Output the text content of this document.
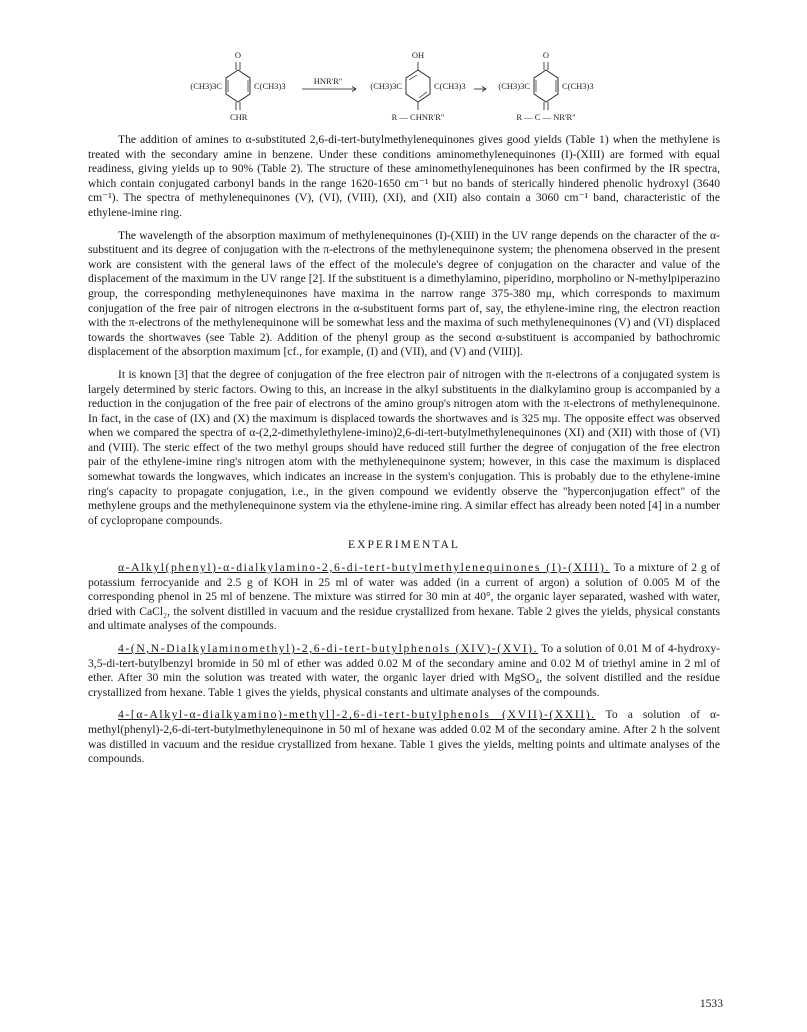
O
(CH3)3C	C(CH3)3
CHR
HNR'R"
OH
(CH3)3C	C(CH3)3
R — CHNR'R"
O
(CH3)3C	C(CH3)3
R — C — NR'R"

The addition of amines to α-substituted 2,6-di-tert-butylmethylenequinones gives good yields (Table 1) when the methylene is treated with the secondary amine in benzene. Under these conditions aminomethylenequinones (I)-(XIII) are formed with equal readiness, giving yields up to 90% (Table 2). The structure of these aminomethylenequinones has been confirmed by the IR spectra, which contain conjugated carbonyl bands in the range 1620-1650 cm⁻¹ but no bands of sterically hindered phenolic hydroxyl (3640 cm⁻¹). The spectra of methylenequinones (V), (VI), (VIII), (XI), and (XII) also contain a 3060 cm⁻¹ band, characteristic of the ethylene-imine ring.

The wavelength of the absorption maximum of methylenequinones (I)-(XIII) in the UV range depends on the character of the α-substituent and its degree of conjugation with the π-electrons of the methylenequinone system; the phenomena observed in the present work are consistent with the general laws of the effect of the molecule's degree of conjugation on the character and value of the displacement of the maximum in the UV range [2]. If the substituent is a dimethylamino, piperidino, morpholino or N-methylpiperazino group, the corresponding methylenequinones have maxima in the narrow range 375-380 mμ, which corresponds to maximum conjugation of the free pair of nitrogen electrons in the α-substituent forms part of, say, the ethylene-imine ring, the electron reaction with the π-electrons of the methylenequinone will be somewhat less and the maxima of such methylenequinones (V) and (VI) displaced towards the shortwaves (see Table 2). Addition of the phenyl group as the second α-substituent is accompanied by bathochromic displacement of the absorption maximum [cf., for example, (I) and (VII), and (V) and (VIII)].

It is known [3] that the degree of conjugation of the free electron pair of nitrogen with the π-electrons of a conjugated system is largely determined by steric factors. Owing to this, an increase in the alkyl substituents in the dialkylamino group is accompanied by a reduction in the conjugation of the free pair of electrons of the amino group's nitrogen atom with the π-electrons of methylenequinone. In fact, in the case of (IX) and (X) the maximum is displaced towards the shortwaves and is 325 mμ. The opposite effect was observed when we compared the spectra of α-(2,2-dimethylethylene-imino)2,6-di-tert-butylmethylenequinones (XI) and (XII) with those of (VI) and (VIII). The steric effect of the two methyl groups should have reduced still further the degree of conjugation of the free electron pair of the ethylene-imine ring's nitrogen atom with the methylenequinone system; however, in this case the maximum is displaced somewhat towards the longwaves, which indicates an increase in the system's conjugation. This is probably due to the ethylene-imine ring's capacity to propagate conjugation, i.e., in the given compound we evidently observe the "hyperconjugation effect" of the methylene groups and the methylenequinone system via the ethylene-imine ring. A similar effect has already been noted [4] in a number of cyclopropane compounds.

EXPERIMENTAL

α-Alkyl(phenyl)-α-dialkylamino-2,6-di-tert-butylmethylenequinones (I)-(XIII). To a mixture of 2 g of potassium ferrocyanide and 2.5 g of KOH in 25 ml of water was added (in a current of argon) a solution of 0.005 M of the corresponding phenol in 25 ml of benzene. The mixture was stirred for 30 min at 40°, the organic layer separated, washed with water, dried with CaCl₂, the solvent distilled in vacuum and the residue crystallized from hexane. Table 2 gives the yields, physical constants and ultimate analyses of the compounds.

4-(N,N-Dialkylaminomethyl)-2,6-di-tert-butylphenols (XIV)-(XVI). To a solution of 0.01 M of 4-hydroxy-3,5-di-tert-butylbenzyl bromide in 50 ml of ether was added 0.02 M of the secondary amine and 0.02 M of triethyl amine in 2 ml of ether. After 30 min the solution was treated with water, the organic layer dried with MgSO₄, the solvent distilled and the residue crystallized from hexane. Table 1 gives the yields, physical constants and ultimate analyses of the compounds.

4-[α-Alkyl-α-dialkyamino)-methyl]-2,6-di-tert-butylphenols (XVII)-(XXII). To a solution of α-methyl(phenyl)-2,6-di-tert-butylmethylenequinone in 50 ml of hexane was added 0.02 M of the secondary amine. After 2 h the solvent was distilled in vacuum and the residue crystallized from hexane. Table 1 gives the yields, melting points and ultimate analyses of the compounds.

1533
